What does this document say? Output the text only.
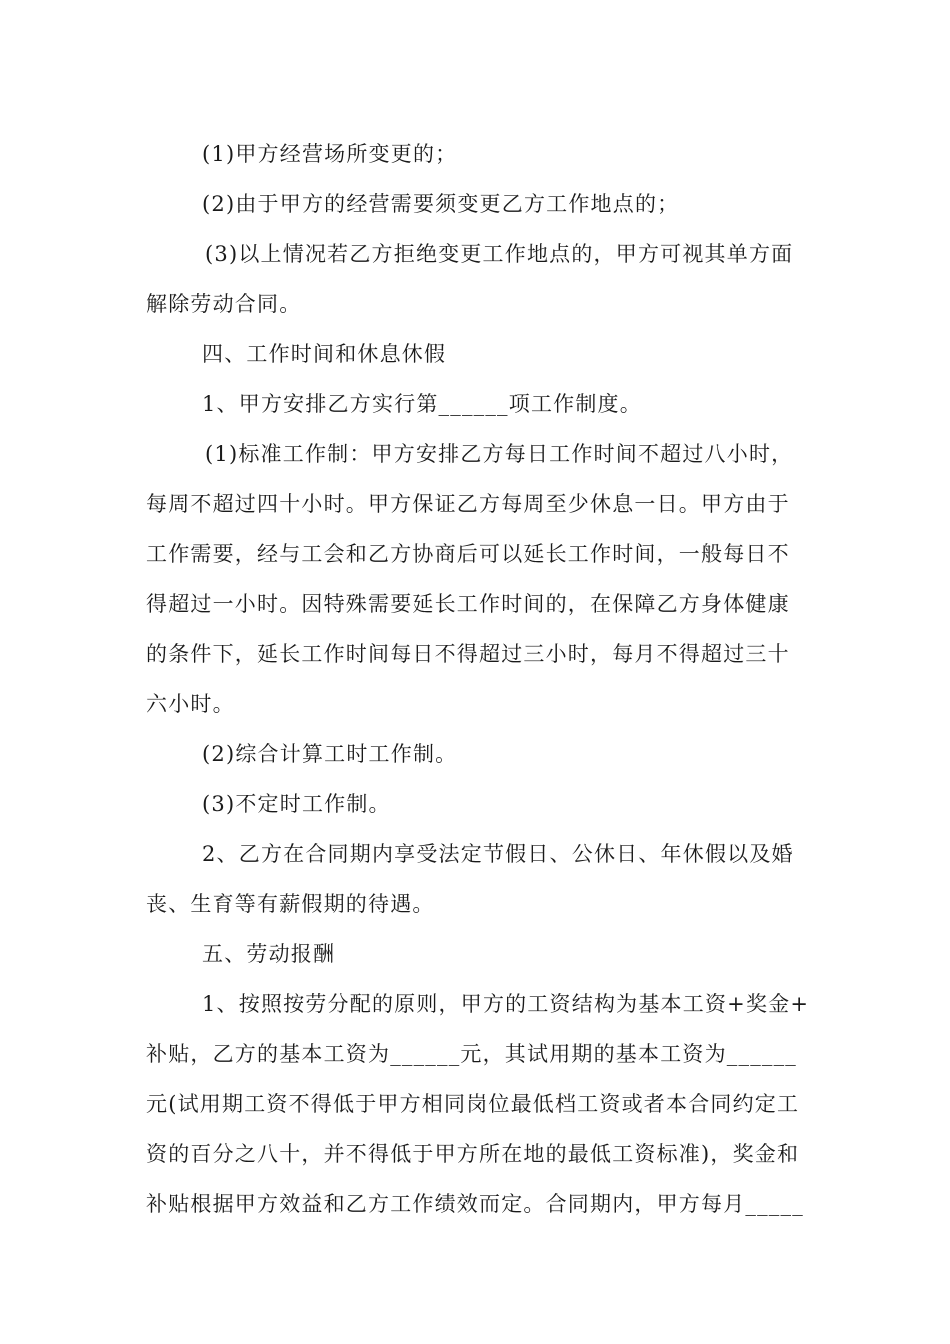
(1)甲方经营场所变更的；
(2)由于甲方的经营需要须变更乙方工作地点的；
(3)以上情况若乙方拒绝变更工作地点的，甲方可视其单方面
解除劳动合同。
四、工作时间和休息休假
1、甲方安排乙方实行第______项工作制度。
(1)标准工作制：甲方安排乙方每日工作时间不超过八小时，
每周不超过四十小时。甲方保证乙方每周至少休息一日。甲方由于
工作需要，经与工会和乙方协商后可以延长工作时间，一般每日不
得超过一小时。因特殊需要延长工作时间的，在保障乙方身体健康
的条件下，延长工作时间每日不得超过三小时，每月不得超过三十
六小时。
(2)综合计算工时工作制。
(3)不定时工作制。
2、乙方在合同期内享受法定节假日、公休日、年休假以及婚
丧、生育等有薪假期的待遇。
五、劳动报酬
1、按照按劳分配的原则，甲方的工资结构为基本工资+奖金+
补贴，乙方的基本工资为______元，其试用期的基本工资为______
元(试用期工资不得低于甲方相同岗位最低档工资或者本合同约定工
资的百分之八十，并不得低于甲方所在地的最低工资标准)，奖金和
补贴根据甲方效益和乙方工作绩效而定。合同期内，甲方每月_____
